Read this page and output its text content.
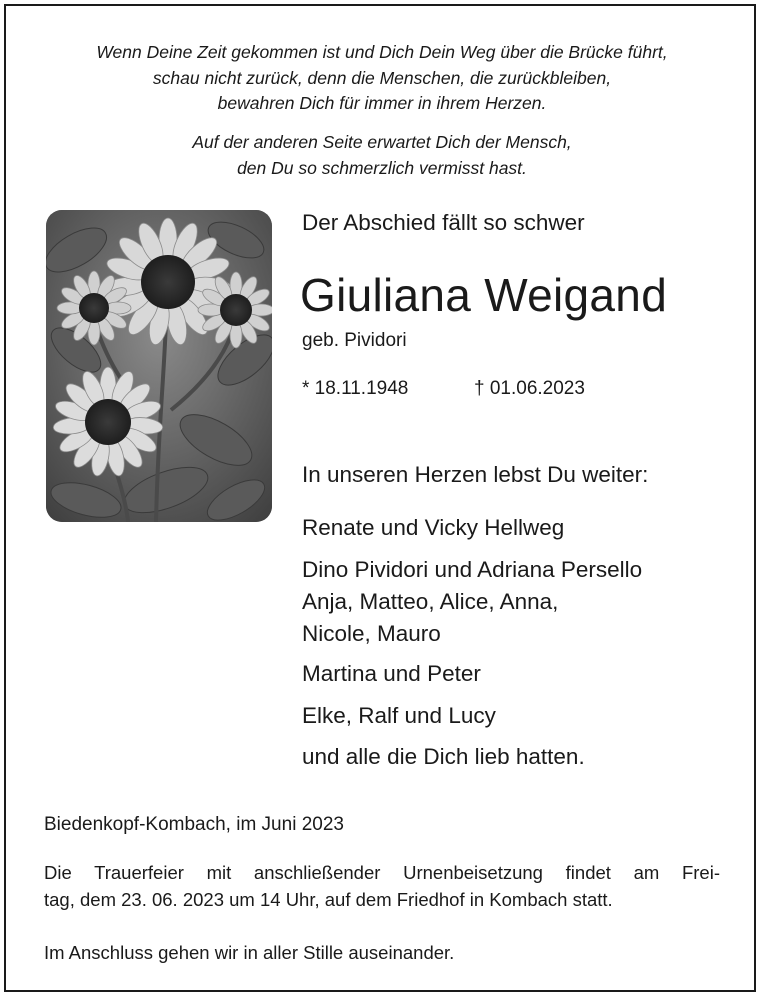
Wenn Deine Zeit gekommen ist und Dich Dein Weg über die Brücke führt,
schau nicht zurück, denn die Menschen, die zurückbleiben,
bewahren Dich für immer in ihrem Herzen.
Auf der anderen Seite erwartet Dich der Mensch,
den Du so schmerzlich vermisst hast.
Der Abschied fällt so schwer
Giuliana Weigand
geb. Pividori
* 18.11.1948	† 01.06.2023
In unseren Herzen lebst Du weiter:
Renate und Vicky Hellweg
Dino Pividori und Adriana Persello
Anja, Matteo, Alice, Anna,
Nicole, Mauro
Martina und Peter
Elke, Ralf und Lucy
und alle die Dich lieb hatten.
Biedenkopf-Kombach, im Juni 2023
Die Trauerfeier mit anschließender Urnenbeisetzung findet am Frei-
tag, dem 23. 06. 2023 um 14 Uhr, auf dem Friedhof in Kombach statt.
Im Anschluss gehen wir in aller Stille auseinander.
